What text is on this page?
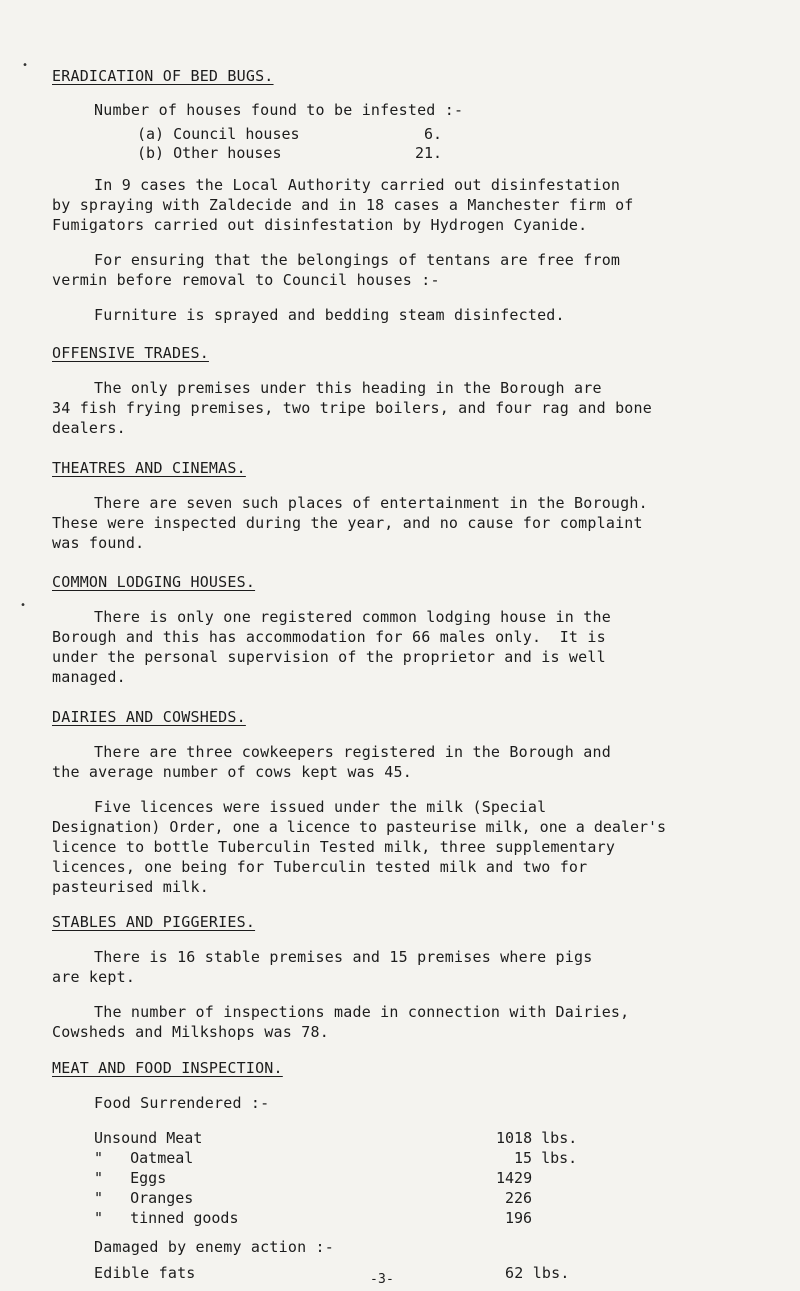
ERADICATION OF BED BUGS.
Number of houses found to be infested :-
(a) Council houses	6.
(b) Other houses	21.
In 9 cases the Local Authority carried out disinfestation
by spraying with Zaldecide and in 18 cases a Manchester firm of
Fumigators carried out disinfestation by Hydrogen Cyanide.
For ensuring that the belongings of tentans are free from
vermin before removal to Council houses :-
Furniture is sprayed and bedding steam disinfected.
OFFENSIVE TRADES.
The only premises under this heading in the Borough are
34 fish frying premises, two tripe boilers, and four rag and bone
dealers.
THEATRES AND CINEMAS.
There are seven such places of entertainment in the Borough.
These were inspected during the year, and no cause for complaint
was found.
COMMON LODGING HOUSES.
There is only one registered common lodging house in the
Borough and this has accommodation for 66 males only.  It is
under the personal supervision of the proprietor and is well
managed.
DAIRIES AND COWSHEDS.
There are three cowkeepers registered in the Borough and
the average number of cows kept was 45.
Five licences were issued under the milk (Special
Designation) Order, one a licence to pasteurise milk, one a dealer's
licence to bottle Tuberculin Tested milk, three supplementary
licences, one being for Tuberculin tested milk and two for
pasteurised milk.
STABLES AND PIGGERIES.
There is 16 stable premises and 15 premises where pigs
are kept.
The number of inspections made in connection with Dairies,
Cowsheds and Milkshops was 78.
MEAT AND FOOD INSPECTION.
Food Surrendered :-
Unsound Meat	1018 lbs.
"   Oatmeal	15 lbs.
"   Eggs	1429
"   Oranges	226
"   tinned goods	196
Damaged by enemy action :-
Edible fats	62 lbs.
-3-
•
•
